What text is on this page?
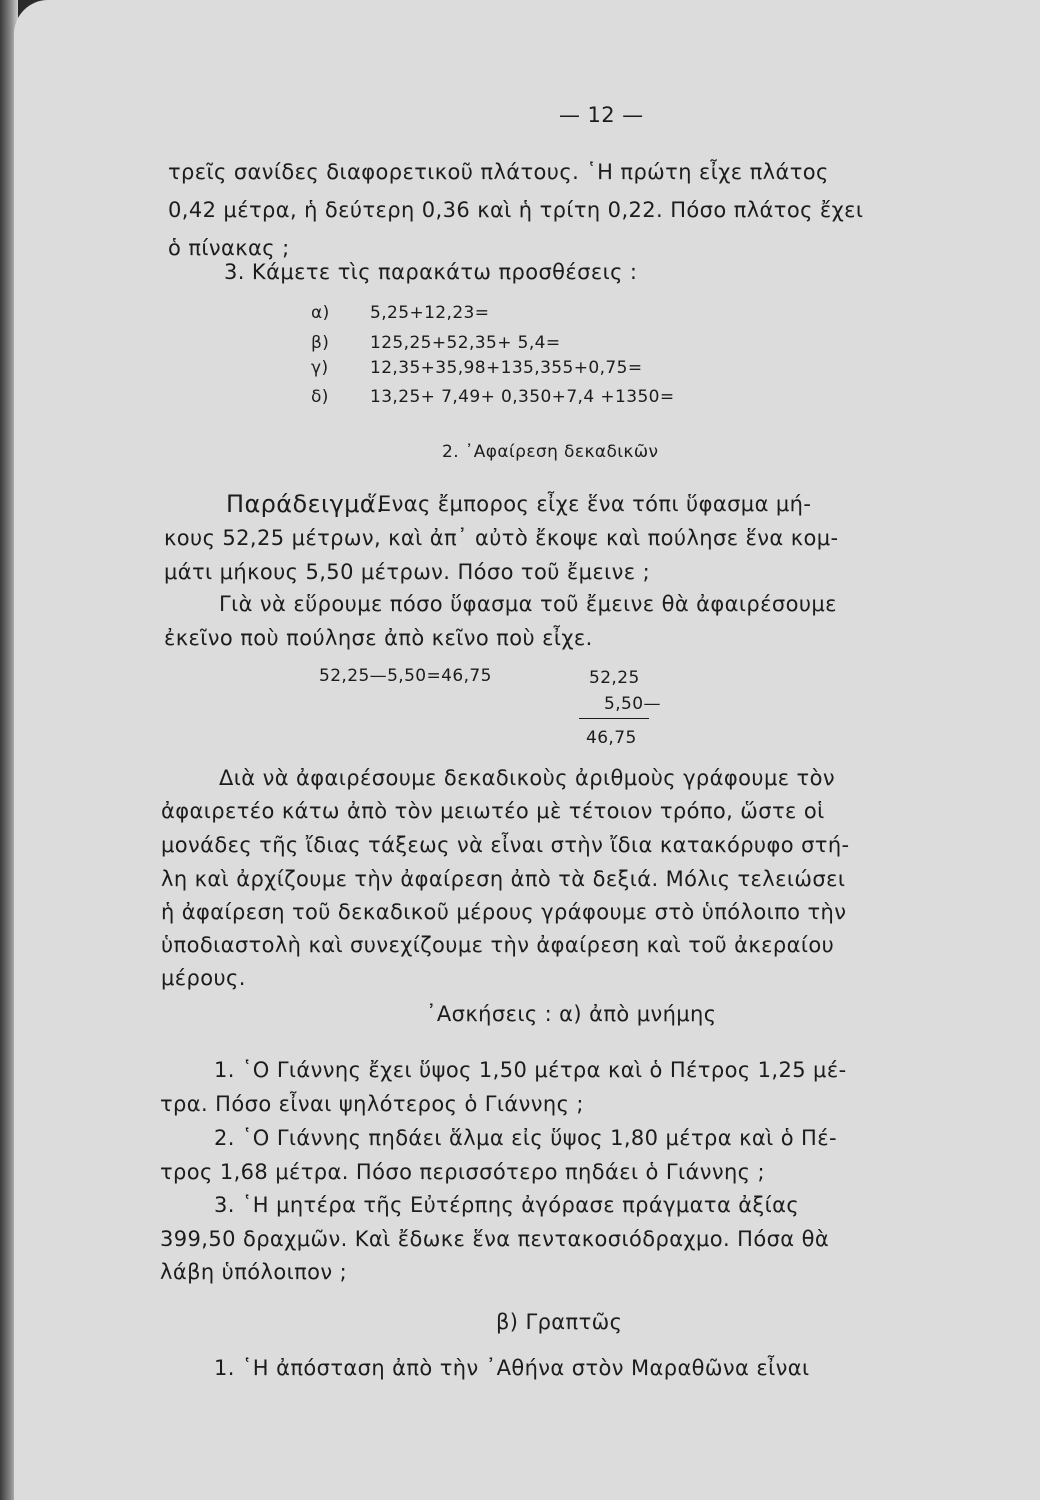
— 12 —
τρεῖς σανίδες διαφορετικοῦ πλάτους. ῾Η πρώτη εἶχε πλάτος
0,42 μέτρα, ἡ δεύτερη 0,36 καὶ ἡ τρίτη 0,22. Πόσο πλάτος ἔχει
ὁ πίνακας ;
3. Κάμετε τὶς παρακάτω προσθέσεις :
α)	5,25+12,23=
β)	125,25+52,35+ 5,4=
γ)	12,35+35,98+135,355+0,75=
δ)	13,25+ 7,49+ 0,350+7,4 +1350=
2. ᾽Αφαίρεση δεκαδικῶν
Παράδειγμα.
῞Ενας ἔμπορος εἶχε ἕνα τόπι ὕφασμα μή-
κους 52,25 μέτρων, καὶ ἀπ᾽ αὐτὸ ἔκοψε καὶ πούλησε ἕνα κομ-
μάτι μήκους 5,50 μέτρων. Πόσο τοῦ ἔμεινε ;
Γιὰ νὰ εὕρουμε πόσο ὕφασμα τοῦ ἔμεινε θὰ ἀφαιρέσουμε
ἐκεῖνο ποὺ πούλησε ἀπὸ κεῖνο ποὺ εἶχε.
52,25—5,50=46,75	52,25
5,50—
46,75
Διὰ νὰ ἀφαιρέσουμε δεκαδικοὺς ἀριθμοὺς γράφουμε τὸν
ἀφαιρετέο κάτω ἀπὸ τὸν μειωτέο μὲ τέτοιον τρόπο, ὥστε οἱ
μονάδες τῆς ἴδιας τάξεως νὰ εἶναι στὴν ἴδια κατακόρυφο στή-
λη καὶ ἀρχίζουμε τὴν ἀφαίρεση ἀπὸ τὰ δεξιά. Μόλις τελειώσει
ἡ ἀφαίρεση τοῦ δεκαδικοῦ μέρους γράφουμε στὸ ὑπόλοιπο τὴν
ὑποδιαστολὴ καὶ συνεχίζουμε τὴν ἀφαίρεση καὶ τοῦ ἀκεραίου
μέρους.
᾽Ασκήσεις : α) ἀπὸ μνήμης
1. ῾Ο Γιάννης ἔχει ὕψος 1,50 μέτρα καὶ ὁ Πέτρος 1,25 μέ-
τρα. Πόσο εἶναι ψηλότερος ὁ Γιάννης ;
2. ῾Ο Γιάννης πηδάει ἅλμα εἰς ὕψος 1,80 μέτρα καὶ ὁ Πέ-
τρος 1,68 μέτρα. Πόσο περισσότερο πηδάει ὁ Γιάννης ;
3. ῾Η μητέρα τῆς Εὐτέρπης ἀγόρασε πράγματα ἀξίας
399,50 δραχμῶν. Καὶ ἔδωκε ἕνα πεντακοσιόδραχμο. Πόσα θὰ
λάβη ὑπόλοιπον ;
β) Γραπτῶς
1. ῾Η ἀπόσταση ἀπὸ τὴν ᾽Αθήνα στὸν Μαραθῶνα εἶναι
